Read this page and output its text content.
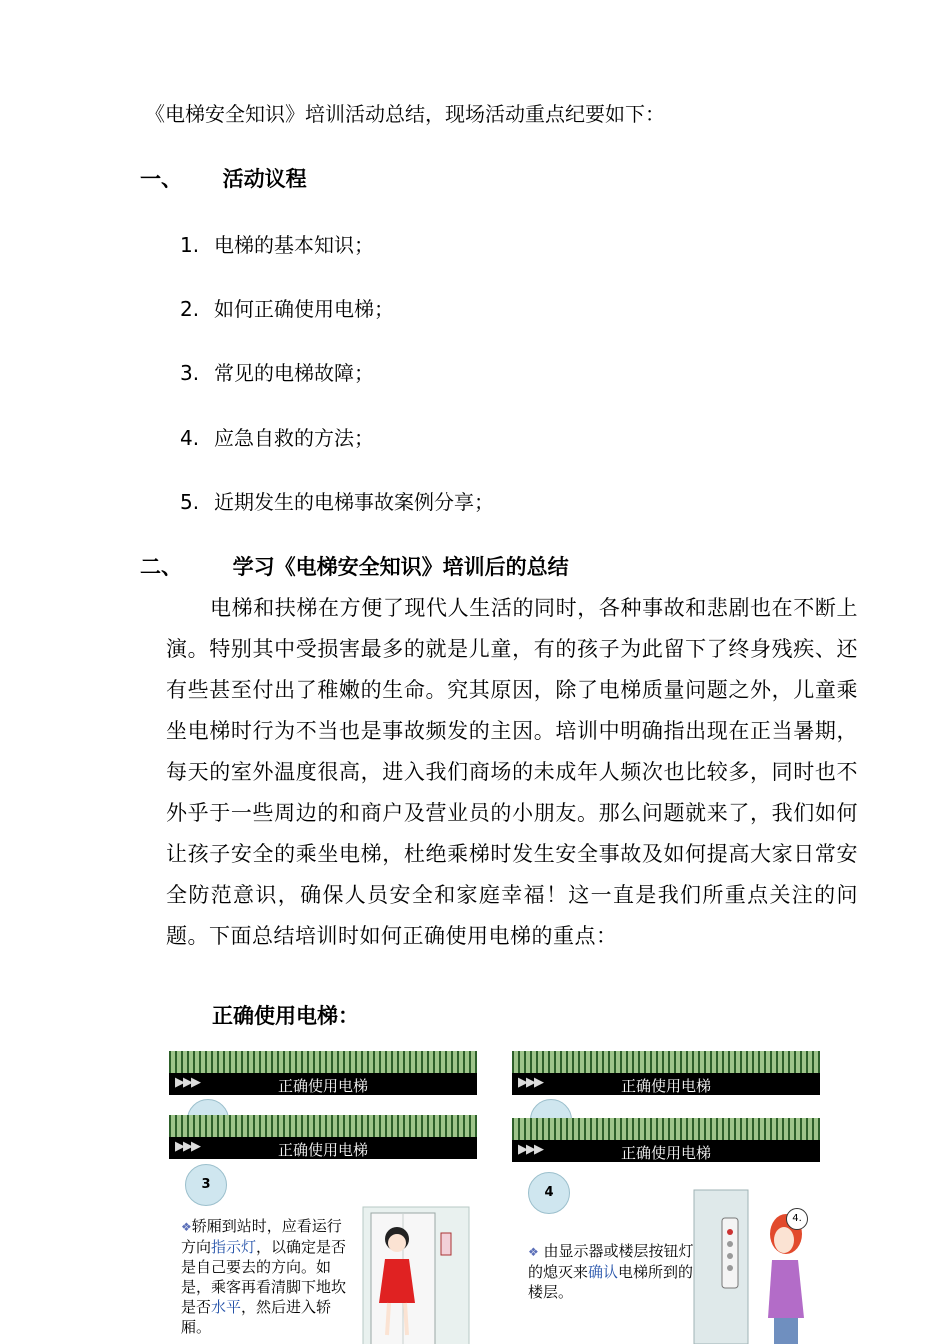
《电梯安全知识》培训活动总结，现场活动重点纪要如下：
一、 活动议程
1. 电梯的基本知识；
2. 如何正确使用电梯；
3. 常见的电梯故障；
4. 应急自救的方法；
5. 近期发生的电梯事故案例分享；
二、 学习《电梯安全知识》培训后的总结
电梯和扶梯在方便了现代人生活的同时，各种事故和悲剧也在不断上演。特别其中受损害最多的就是儿童，有的孩子为此留下了终身残疾、还有些甚至付出了稚嫩的生命。究其原因，除了电梯质量问题之外，儿童乘坐电梯时行为不当也是事故频发的主因。培训中明确指出现在正当暑期，每天的室外温度很高，进入我们商场的未成年人频次也比较多，同时也不外乎于一些周边的和商户及营业员的小朋友。那么问题就来了，我们如何让孩子安全的乘坐电梯，杜绝乘梯时发生安全事故及如何提高大家日常安全防范意识，确保人员安全和家庭幸福！这一直是我们所重点关注的问题。下面总结培训时如何正确使用电梯的重点：
正确使用电梯：
▶▶▶	正确使用电梯	▶▶▶	正确使用电梯
▶▶▶	正确使用电梯
3
❖轿厢到站时，应看运行方向指示灯，以确定是否是自己要去的方向。如是，乘客再看清脚下地坎是否水平，然后进入轿厢。
▶▶▶	正确使用电梯
4
❖ 由显示器或楼层按钮灯的熄灭来确认电梯所到的楼层。
4.
